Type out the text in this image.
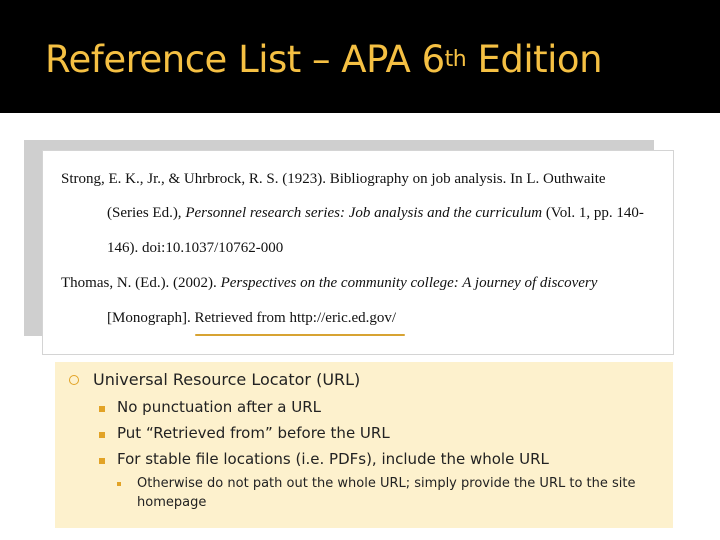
Reference List – APA 6th Edition

Strong, E. K., Jr., & Uhrbrock, R. S. (1923). Bibliography on job analysis. In L. Outhwaite

(Series Ed.), Personnel research series: Job analysis and the curriculum (Vol. 1, pp. 140-

146). doi:10.1037/10762-000

Thomas, N. (Ed.). (2002). Perspectives on the community college: A journey of discovery

[Monograph]. Retrieved from http://eric.ed.gov/

Universal Resource Locator (URL)

No punctuation after a URL

Put “Retrieved from” before the URL

For stable file locations (i.e. PDFs), include the whole URL

Otherwise do not path out the whole URL; simply provide the URL to the site homepage
